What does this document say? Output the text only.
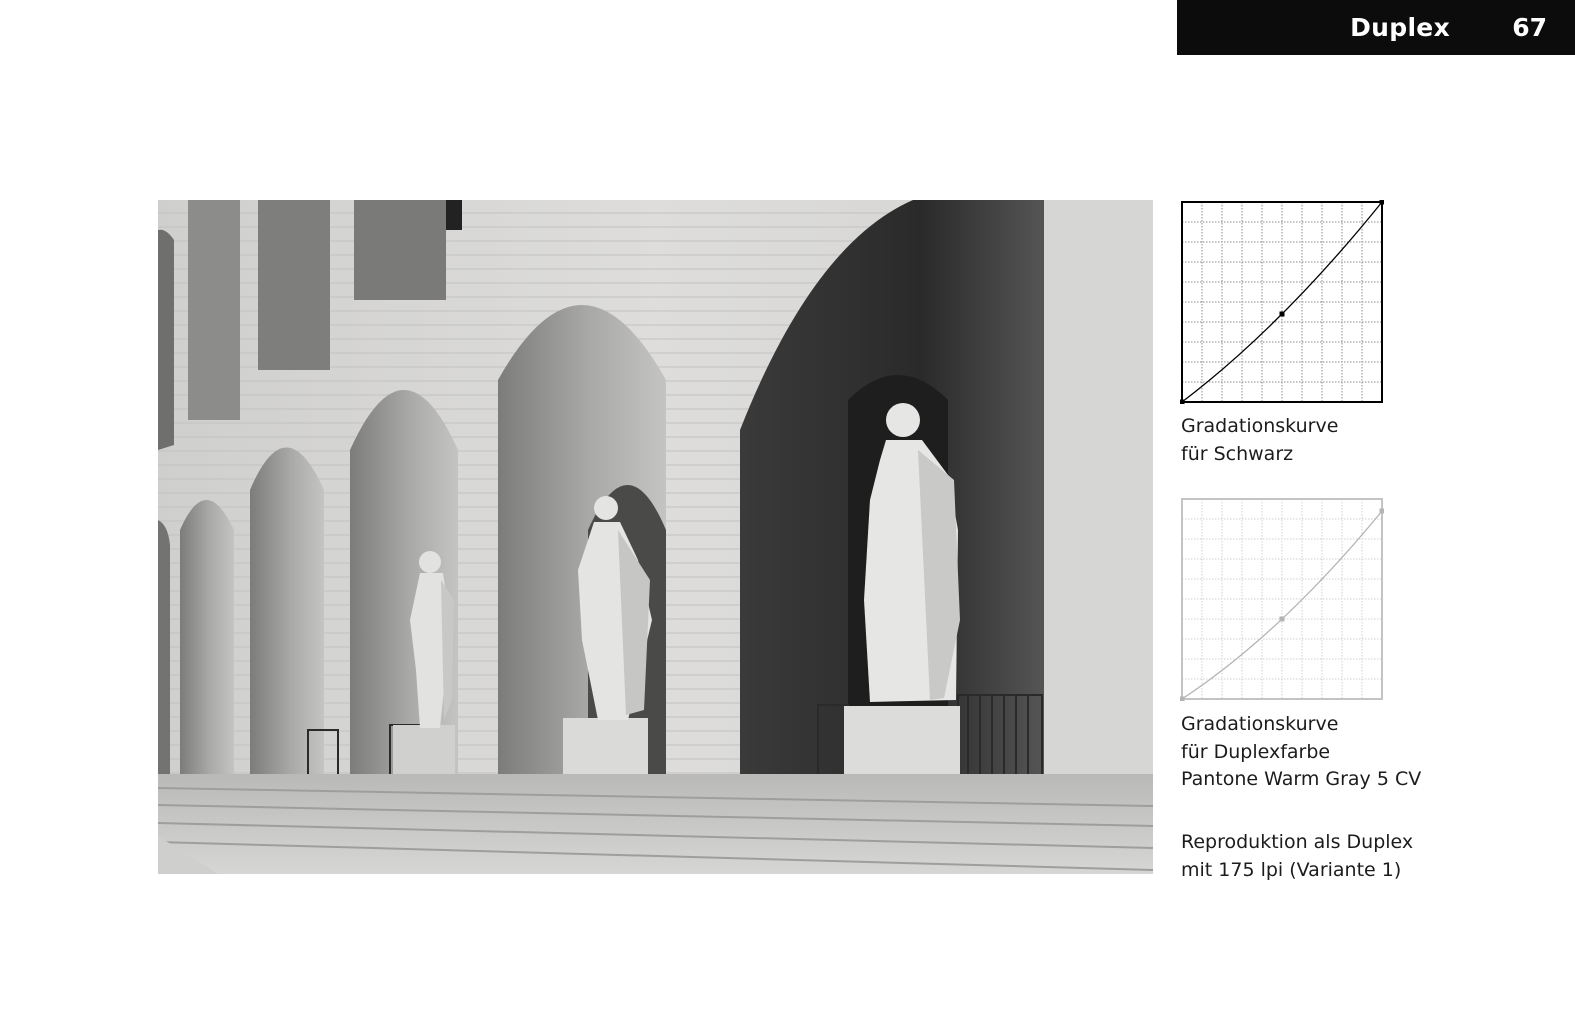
Duplex 67
Gradationskurve
für Schwarz
Gradationskurve
für Duplexfarbe
Pantone Warm Gray 5 CV
Reproduktion als Duplex
mit 175 lpi (Variante 1)
